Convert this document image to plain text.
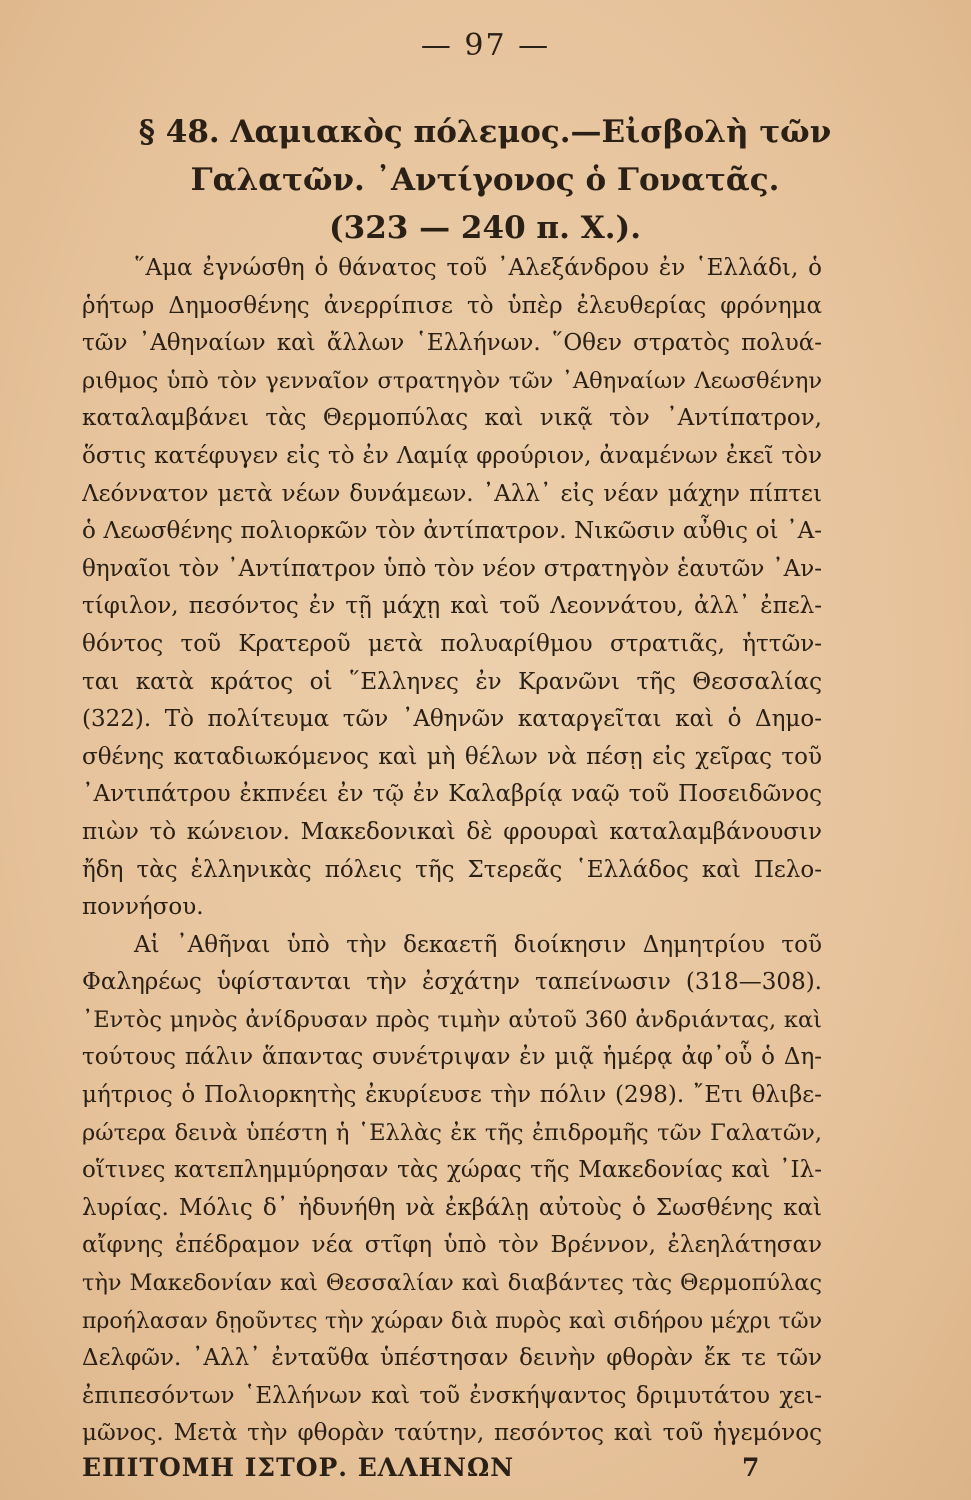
— 97 —
§ 48. Λαμιακὸς πόλεμος.—Εἰσβολὴ τῶν
Γαλατῶν. ᾿Αντίγονος ὁ Γονατᾶς.
(323 — 240 π. Χ.).
῞Αμα ἐγνώσθη ὁ θάνατος τοῦ ᾿Αλεξάνδρου ἐν ῾Ελλάδι, ὁ
ῥήτωρ Δημοσθένης ἀνερρίπισε τὸ ὑπὲρ ἐλευθερίας φρόνημα
τῶν ᾿Αθηναίων καὶ ἄλλων ῾Ελλήνων. ῞Οθεν στρατὸς πολυά-
ριθμος ὑπὸ τὸν γενναῖον στρατηγὸν τῶν ᾿Αθηναίων Λεωσθένην
καταλαμβάνει τὰς Θερμοπύλας καὶ νικᾷ τὸν ᾿Αντίπατρον,
ὅστις κατέφυγεν εἰς τὸ ἐν Λαμίᾳ φρούριον, ἀναμένων ἐκεῖ τὸν
Λεόννατον μετὰ νέων δυνάμεων. ᾿Αλλ᾿ εἰς νέαν μάχην πίπτει
ὁ Λεωσθένης πολιορκῶν τὸν ἀντίπατρον. Νικῶσιν αὖθις οἱ ᾿Α-
θηναῖοι τὸν ᾿Αντίπατρον ὑπὸ τὸν νέον στρατηγὸν ἑαυτῶν ᾿Αν-
τίφιλον, πεσόντος ἐν τῇ μάχῃ καὶ τοῦ Λεοννάτου, ἀλλ᾿ ἐπελ-
θόντος τοῦ Κρατεροῦ μετὰ πολυαρίθμου στρατιᾶς, ἡττῶν-
ται κατὰ κράτος οἱ ῞Ελληνες ἐν Κρανῶνι τῆς Θεσσαλίας
(322). Τὸ πολίτευμα τῶν ᾿Αθηνῶν καταργεῖται καὶ ὁ Δημο-
σθένης καταδιωκόμενος καὶ μὴ θέλων νὰ πέσῃ εἰς χεῖρας τοῦ
᾿Αντιπάτρου ἐκπνέει ἐν τῷ ἐν Καλαβρίᾳ ναῷ τοῦ Ποσειδῶνος
πιὼν τὸ κώνειον. Μακεδονικαὶ δὲ φρουραὶ καταλαμβάνουσιν
ἤδη τὰς ἑλληνικὰς πόλεις τῆς Στερεᾶς ῾Ελλάδος καὶ Πελο-
ποννήσου.
Αἱ ᾿Αθῆναι ὑπὸ τὴν δεκαετῆ διοίκησιν Δημητρίου τοῦ
Φαληρέως ὑφίστανται τὴν ἐσχάτην ταπείνωσιν (318—308).
᾿Εντὸς μηνὸς ἀνίδρυσαν πρὸς τιμὴν αὐτοῦ 360 ἀνδριάντας, καὶ
τούτους πάλιν ἅπαντας συνέτριψαν ἐν μιᾷ ἡμέρᾳ ἀφ᾿οὗ ὁ Δη-
μήτριος ὁ Πολιορκητὴς ἐκυρίευσε τὴν πόλιν (298). ῎Ετι θλιβε-
ρώτερα δεινὰ ὑπέστη ἡ ῾Ελλὰς ἐκ τῆς ἐπιδρομῆς τῶν Γαλατῶν,
οἵτινες κατεπλημμύρησαν τὰς χώρας τῆς Μακεδονίας καὶ ᾿Ιλ-
λυρίας. Μόλις δ᾿ ἠδυνήθη νὰ ἐκβάλῃ αὐτοὺς ὁ Σωσθένης καὶ
αἴφνης ἐπέδραμον νέα στῖφη ὑπὸ τὸν Βρέννον, ἐλεηλάτησαν
τὴν Μακεδονίαν καὶ Θεσσαλίαν καὶ διαβάντες τὰς Θερμοπύλας
προήλασαν δῃοῦντες τὴν χώραν διὰ πυρὸς καὶ σιδήρου μέχρι τῶν
Δελφῶν. ᾿Αλλ᾿ ἐνταῦθα ὑπέστησαν δεινὴν φθορὰν ἔκ τε τῶν
ἐπιπεσόντων ῾Ελλήνων καὶ τοῦ ἐνσκήψαντος δριμυτάτου χει-
μῶνος. Μετὰ τὴν φθορὰν ταύτην, πεσόντος καὶ τοῦ ἡγεμόνος
ΕΠΙΤΟΜΗ ΙΣΤΟΡ. ΕΛΛΗΝΩΝ	7
